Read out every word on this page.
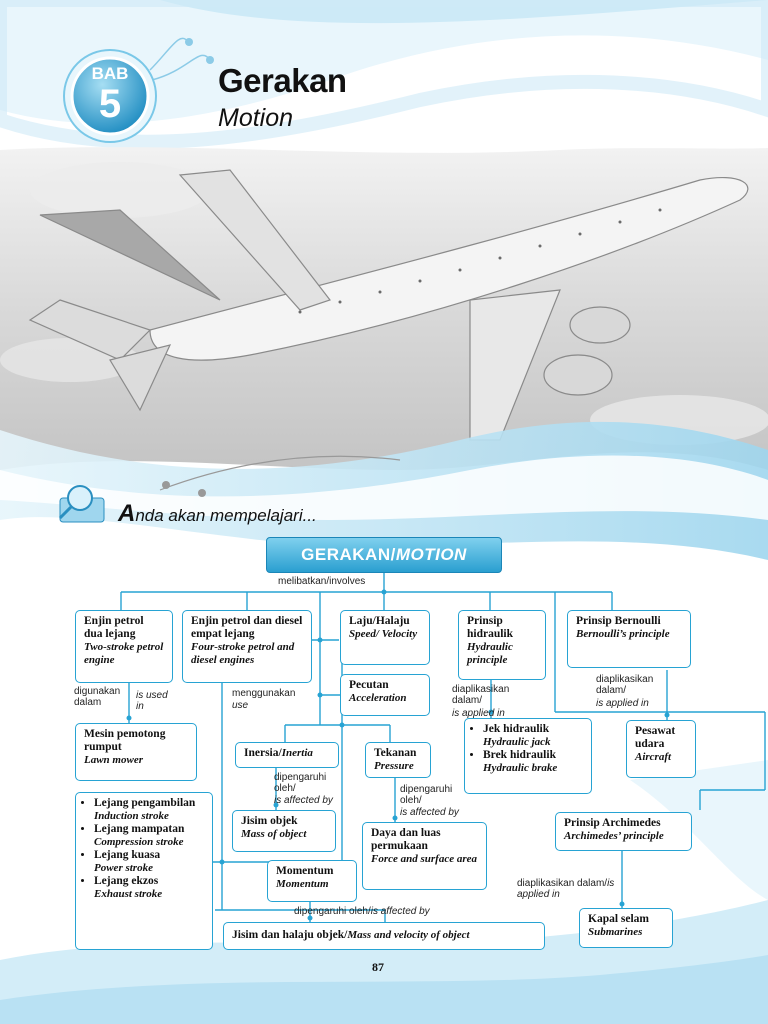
BAB
5
Gerakan
Motion
Anda akan mempelajari...
GERAKAN/MOTION
melibatkan/involves
Enjin petrol dua lejang
Two-stroke petrol engine
Enjin petrol dan diesel empat lejang
Four-stroke petrol and diesel engines
Laju/Halaju
Speed/ Velocity
Pecutan
Acceleration
Prinsip hidraulik
Hydraulic principle
Prinsip Bernoulli
Bernoulli’s principle
Mesin pemotong rumput
Lawn mower
Inersia/Inertia	Tekanan
Pressure
• Jek hidraulik
Hydraulic jack
• Brek hidraulik
Hydraulic brake
Pesawat udara
Aircraft
• Lejang pengambilan
Induction stroke
• Lejang mampatan
Compression stroke
• Lejang kuasa
Power stroke
• Lejang ekzos
Exhaust stroke
Jisim objek
Mass of object	Daya dan luas permukaan
Force and surface area
Prinsip Archimedes
Archimedes’ principle
Momentum
Momentum
Kapal selam
Submarines
Jisim dan halaju objek/Mass and velocity of object
digunakan dalam
is used in
menggunakan
use
diaplikasikan dalam/
is applied in
diaplikasikan dalam/
is applied in
dipengaruhi oleh/
is affected by
dipengaruhi oleh/
is affected by
dipengaruhi oleh/is affected by
diaplikasikan dalam/is applied in
87
